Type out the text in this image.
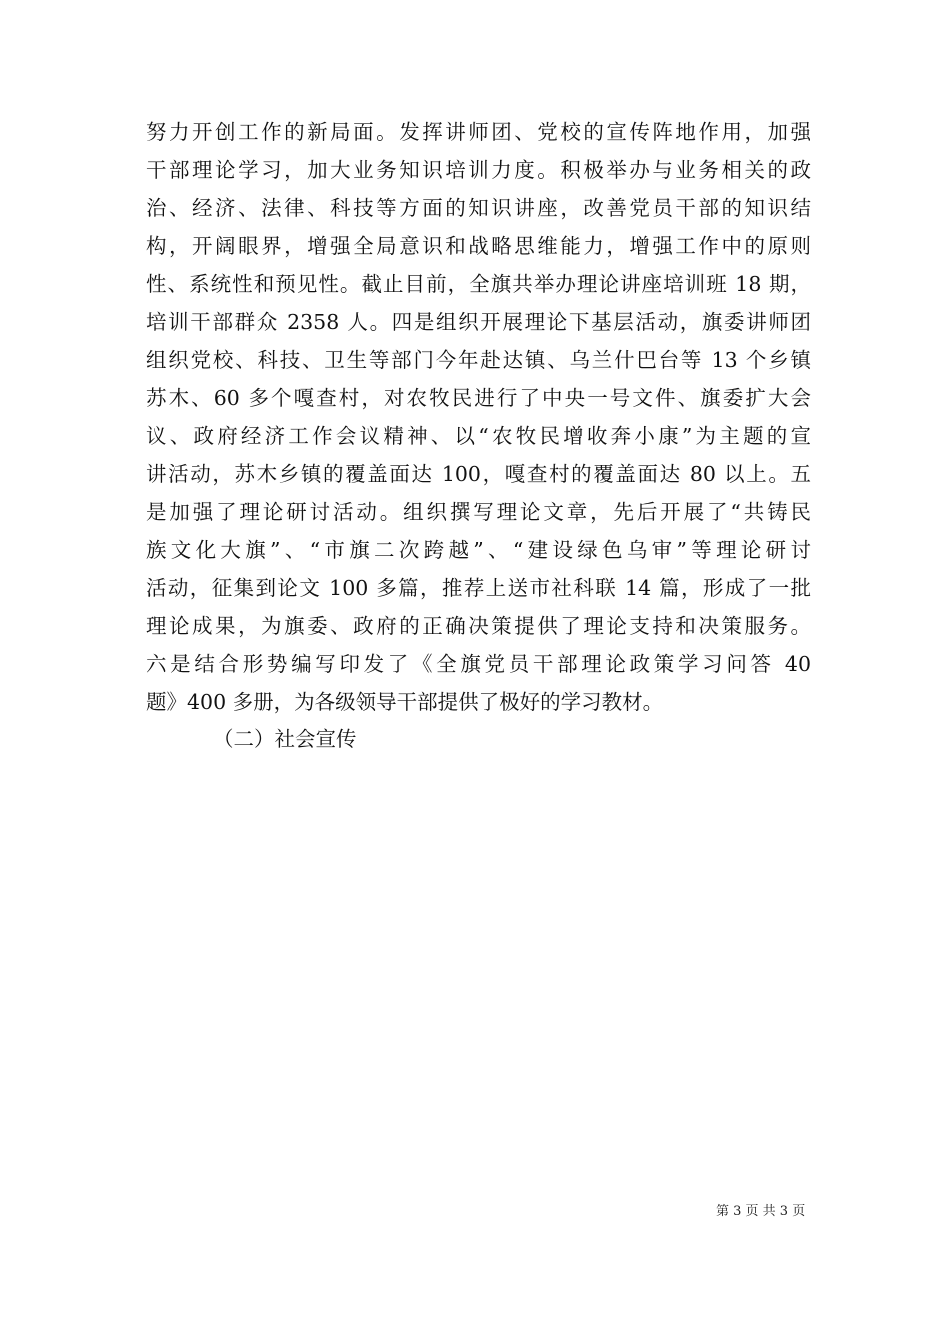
努力开创工作的新局面。发挥讲师团、党校的宣传阵地作用，加强
干部理论学习，加大业务知识培训力度。积极举办与业务相关的政
治、经济、法律、科技等方面的知识讲座，改善党员干部的知识结
构，开阔眼界，增强全局意识和战略思维能力，增强工作中的原则
性、系统性和预见性。截止目前，全旗共举办理论讲座培训班 18 期，
培训干部群众 2358 人。四是组织开展理论下基层活动，旗委讲师团
组织党校、科技、卫生等部门今年赴达镇、乌兰什巴台等 13 个乡镇
苏木、60 多个嘎查村，对农牧民进行了中央一号文件、旗委扩大会
议、政府经济工作会议精神、以“农牧民增收奔小康”为主题的宣
讲活动，苏木乡镇的覆盖面达 100，嘎查村的覆盖面达 80 以上。五
是加强了理论研讨活动。组织撰写理论文章，先后开展了“共铸民
族文化大旗”、“市旗二次跨越”、“建设绿色乌审”等理论研讨
活动，征集到论文 100 多篇，推荐上送市社科联 14 篇，形成了一批
理论成果，为旗委、政府的正确决策提供了理论支持和决策服务。
六是结合形势编写印发了《全旗党员干部理论政策学习问答 40
题》400 多册，为各级领导干部提供了极好的学习教材。
（二）社会宣传
第 3 页 共 3 页
